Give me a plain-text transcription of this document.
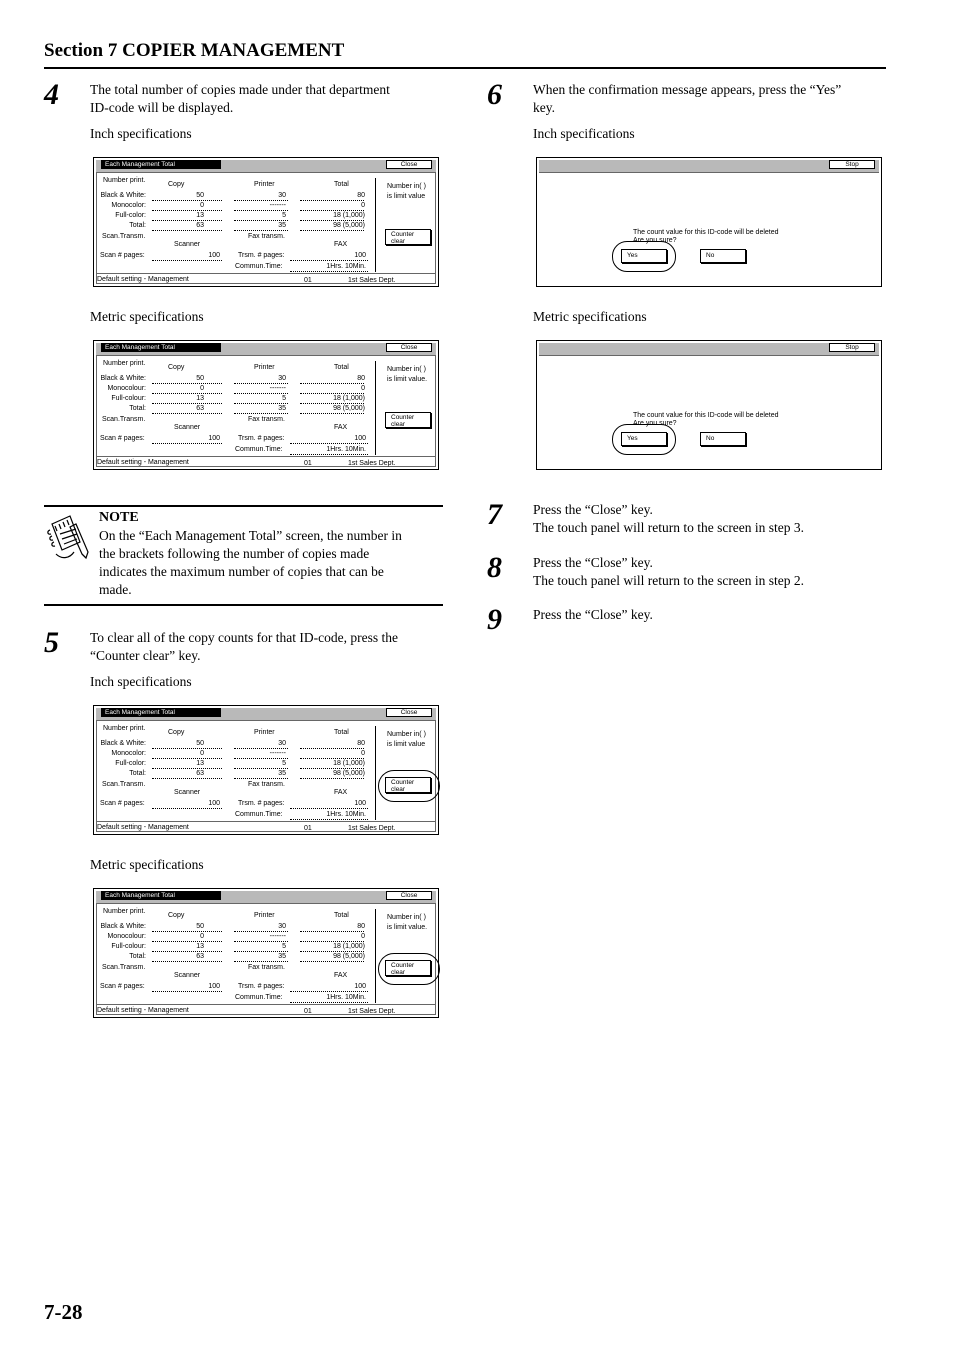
Section 7 COPIER MANAGEMENT
4 The total number of copies made under that department
ID-code will be displayed.
Inch specifications
Each Management Total	Close
Number print.
Copy	Printer	Total
Black & White:	50	30	80
Monocolor:	0	-------	0
Full-color:	13	5	18 (1,000)
Total:	63	35	98 (5,000)
Scan.Transm.	Fax transm.
Scanner	FAX
Scan # pages:	100	Trsm. # pages:	100
Commun.Time:	1Hrs. 10Min.
Number in( )
is limit value
Counter
clear
Default setting - Management	01	1st Sales Dept.
Metric specifications
Each Management Total	Close
Number print.
Copy	Printer	Total
Black & White:	50	30	80
Monocolour:	0	-------	0
Full-colour:	13	5	18 (1,000)
Total:	63	35	98 (5,000)
Scan.Transm.	Fax transm.
Scanner	FAX
Scan # pages:	100	Trsm. # pages:	100
Commun.Time:	1Hrs. 10Min.
Number in( )
is limit value.
Counter
clear
Default setting - Management	01	1st Sales Dept.
NOTE
On the “Each Management Total” screen, the number in
the brackets following the number of copies made
indicates the maximum number of copies that can be
made.
5 To clear all of the copy counts for that ID-code, press the
“Counter clear” key.
Inch specifications
Each Management Total	Close
Number print.
Copy	Printer	Total
Black & White:	50	30	80
Monocolor:	0	-------	0
Full-color:	13	5	18 (1,000)
Total:	63	35	98 (5,000)
Scan.Transm.	Fax transm.
Scanner	FAX
Scan # pages:	100	Trsm. # pages:	100
Commun.Time:	1Hrs. 10Min.
Number in( )
is limit value
Counter
clear
Default setting - Management	01	1st Sales Dept.
Metric specifications
Each Management Total	Close
Number print.
Copy	Printer	Total
Black & White:	50	30	80
Monocolour:	0	-------	0
Full-colour:	13	5	18 (1,000)
Total:	63	35	98 (5,000)
Scan.Transm.	Fax transm.
Scanner	FAX
Scan # pages:	100	Trsm. # pages:	100
Commun.Time:	1Hrs. 10Min.
Number in( )
is limit value.
Counter
clear
Default setting - Management	01	1st Sales Dept.
6 When the confirmation message appears, press the “Yes”
key.
Inch specifications
Stop
The count value for this ID-code will be deleted
Are you sure?
Yes	No
Metric specifications
Stop
The count value for this ID-code will be deleted
Are you sure?
Yes	No
7 Press the “Close” key.
The touch panel will return to the screen in step 3.
8 Press the “Close” key.
The touch panel will return to the screen in step 2.
9 Press the “Close” key.
7-28
